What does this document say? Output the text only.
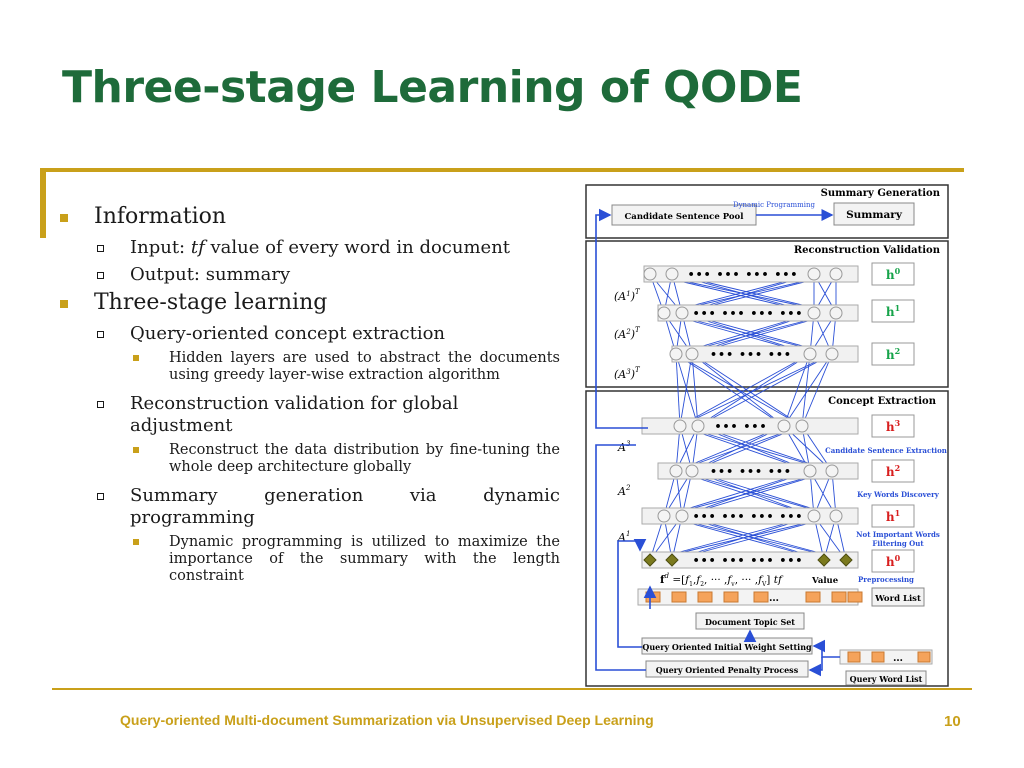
Three-stage Learning of QODE
Information
Input: tf value of every word in document
Output: summary
Three-stage learning
Query-oriented concept extraction
Hidden layers are used to abstract the documents using greedy layer-wise extraction algorithm
Reconstruction validation for global adjustment
Reconstruct the data distribution by fine-tuning the whole deep architecture globally
Summary generation via dynamic programming
Dynamic programming is utilized to maximize the importance of the summary with the length constraint
Summary Generation
Candidate Sentence Pool	Summary
Dynamic Programming
Reconstruction Validation
Concept Extraction
••• ••• ••• •••
••• ••• ••• •••
••• ••• •••
••• •••
••• ••• •••
••• ••• ••• •••
••• ••• ••• •••
$h^0$
$h^1$
$h^2$
$h^3$
Candidate Sentence Extraction
$h^2$
Key Words Discovery
$h^1$
Not Important Words
Filtering Out
$h^0$
Preprocessing
Word List
$(A^1)^T$
$(A^2)^T$
$(A^3)^T$
$A^3$
$A^2$
$A^1$
$f^d =[f_1,f_2$, ··· $,f_v$, ··· $,f_V$] tf	Value
…
Document Topic Set
Query Oriented Initial Weight Setting
Query Oriented Penalty Process
…
Query Word List
Query-oriented Multi-document Summarization via Unsupervised Deep Learning	10
